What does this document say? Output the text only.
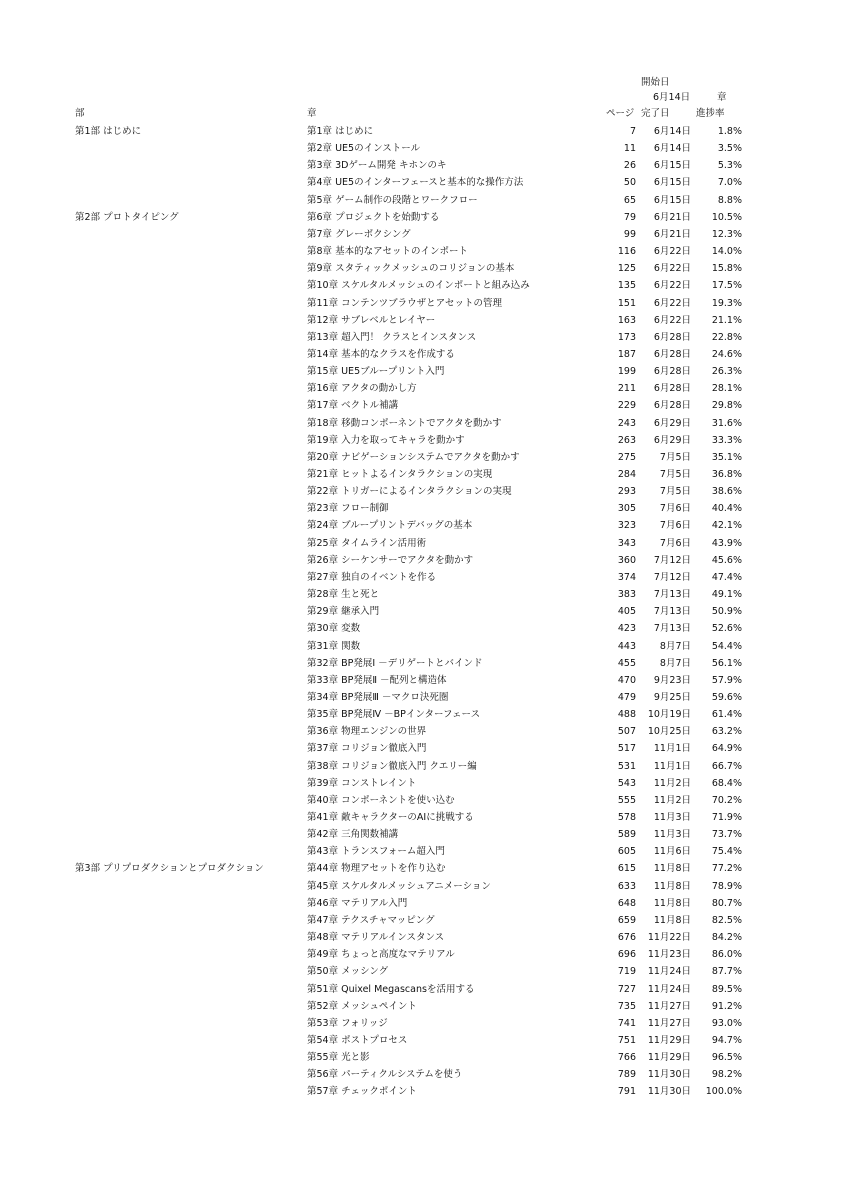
開始日
6月14日	章
部	章	ページ 完了日	進捗率
第1部 はじめに	第1章 はじめに	7 6月14日	1.8%
第2章 UE5のインストール	11 6月14日	3.5%
第3章 3Dゲーム開発 キホンのキ	26 6月15日	5.3%
第4章 UE5のインターフェースと基本的な操作方法	50 6月15日	7.0%
第5章 ゲーム制作の段階とワークフロー	65 6月15日	8.8%
第2部 プロトタイピング	第6章 プロジェクトを始動する	79 6月21日 10.5%
第7章 グレーボクシング	99 6月21日 12.3%
第8章 基本的なアセットのインポート	116 6月22日 14.0%
第9章 スタティックメッシュのコリジョンの基本	125 6月22日 15.8%
第10章 スケルタルメッシュのインポートと組み込み	135 6月22日 17.5%
第11章 コンテンツブラウザとアセットの管理	151 6月22日 19.3%
第12章 サブレベルとレイヤー	163 6月22日 21.1%
第13章 超入門！ クラスとインスタンス	173 6月28日 22.8%
第14章 基本的なクラスを作成する	187 6月28日 24.6%
第15章 UE5ブループリント入門	199 6月28日 26.3%
第16章 アクタの動かし方	211 6月28日 28.1%
第17章 ベクトル補講	229 6月28日 29.8%
第18章 移動コンポーネントでアクタを動かす	243 6月29日 31.6%
第19章 入力を取ってキャラを動かす	263 6月29日 33.3%
第20章 ナビゲーションシステムでアクタを動かす	275	7月5日 35.1%
第21章 ヒットよるインタラクションの実現	284	7月5日 36.8%
第22章 トリガーによるインタラクションの実現	293	7月5日 38.6%
第23章 フロー制御	305	7月6日 40.4%
第24章 ブループリントデバッグの基本	323	7月6日 42.1%
第25章 タイムライン活用術	343	7月6日 43.9%
第26章 シーケンサーでアクタを動かす	360 7月12日 45.6%
第27章 独自のイベントを作る	374 7月12日 47.4%
第28章 生と死と	383 7月13日 49.1%
第29章 継承入門	405 7月13日 50.9%
第30章 変数	423 7月13日 52.6%
第31章 関数	443	8月7日 54.4%
第32章 BP発展Ⅰ －デリゲートとバインド	455	8月7日 56.1%
第33章 BP発展Ⅱ －配列と構造体	470 9月23日 57.9%
第34章 BP発展Ⅲ －マクロ決死圏	479 9月25日 59.6%
第35章 BP発展Ⅳ －BPインターフェース	488 10月19日 61.4%
第36章 物理エンジンの世界	507 10月25日 63.2%
第37章 コリジョン徹底入門	517 11月1日 64.9%
第38章 コリジョン徹底入門 クエリー編	531 11月1日 66.7%
第39章 コンストレイント	543 11月2日 68.4%
第40章 コンポーネントを使い込む	555 11月2日 70.2%
第41章 敵キャラクターのAIに挑戦する	578 11月3日 71.9%
第42章 三角関数補講	589 11月3日 73.7%
第43章 トランスフォーム超入門	605 11月6日 75.4%
第3部 プリプロダクションとプロダクション	第44章 物理アセットを作り込む	615 11月8日 77.2%
第45章 スケルタルメッシュアニメーション	633 11月8日 78.9%
第46章 マテリアル入門	648 11月8日 80.7%
第47章 テクスチャマッピング	659 11月8日 82.5%
第48章 マテリアルインスタンス	676 11月22日 84.2%
第49章 ちょっと高度なマテリアル	696 11月23日 86.0%
第50章 メッシング	719 11月24日 87.7%
第51章 Quixel Megascansを活用する	727 11月24日 89.5%
第52章 メッシュペイント	735 11月27日 91.2%
第53章 フォリッジ	741 11月27日 93.0%
第54章 ポストプロセス	751 11月29日 94.7%
第55章 光と影	766 11月29日 96.5%
第56章 パーティクルシステムを使う	789 11月30日 98.2%
第57章 チェックポイント	791 11月30日 100.0%
